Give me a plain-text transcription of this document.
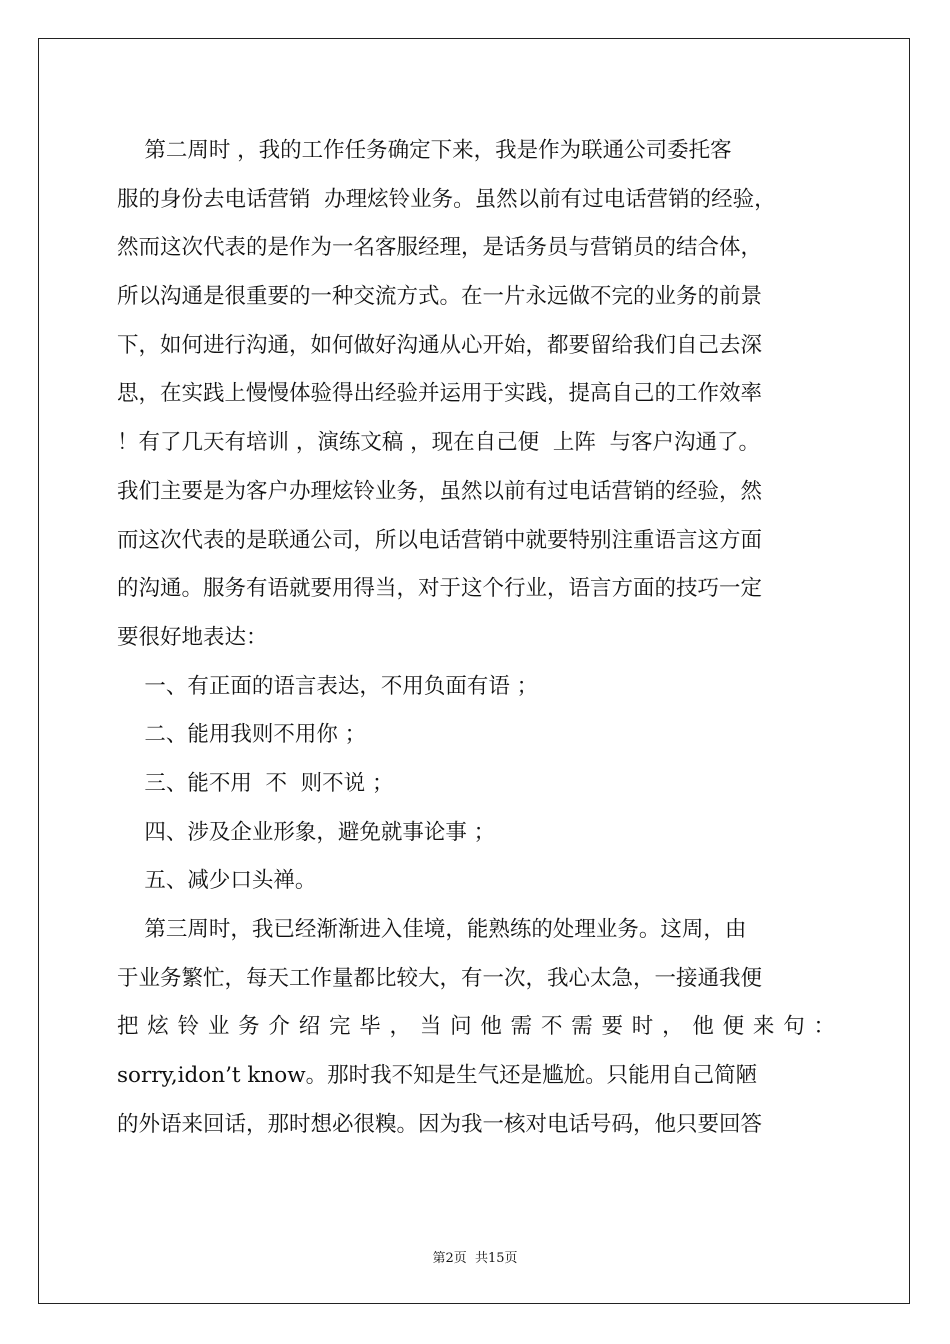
第二周时 ，我的工作任务确定下来，我是作为联通公司委托客
服的身份去电话营销  办理炫铃业务。虽然以前有过电话营销的经验，
然而这次代表的是作为一名客服经理，是话务员与营销员的结合体，
所以沟通是很重要的一种交流方式。在一片永远做不完的业务的前景
下，如何进行沟通，如何做好沟通从心开始，都要留给我们自己去深
思，在实践上慢慢体验得出经验并运用于实践，提高自己的工作效率
！有了几天有培训 ，演练文稿 ，现在自己便  上阵  与客户沟通了。
我们主要是为客户办理炫铃业务，虽然以前有过电话营销的经验，然
而这次代表的是联通公司，所以电话营销中就要特别注重语言这方面
的沟通。服务有语就要用得当，对于这个行业，语言方面的技巧一定
要很好地表达：
一、有正面的语言表达，不用负面有语 ；
二、能用我则不用你 ；
三、能不用  不  则不说 ；
四、涉及企业形象，避免就事论事 ；
五、减少口头禅。
第三周时，我已经渐渐进入佳境，能熟练的处理业务。这周，由
于业务繁忙，每天工作量都比较大，有一次，我心太急，一接通我便
把 炫 铃 业 务 介 绍 完 毕 ， 当 问 他 需 不 需 要 时 ， 他 便 来 句 ：
sorry,idon’t know。那时我不知是生气还是尴尬。只能用自己简陋
的外语来回话，那时想必很糗。因为我一核对电话号码，他只要回答
第2页  共15页
